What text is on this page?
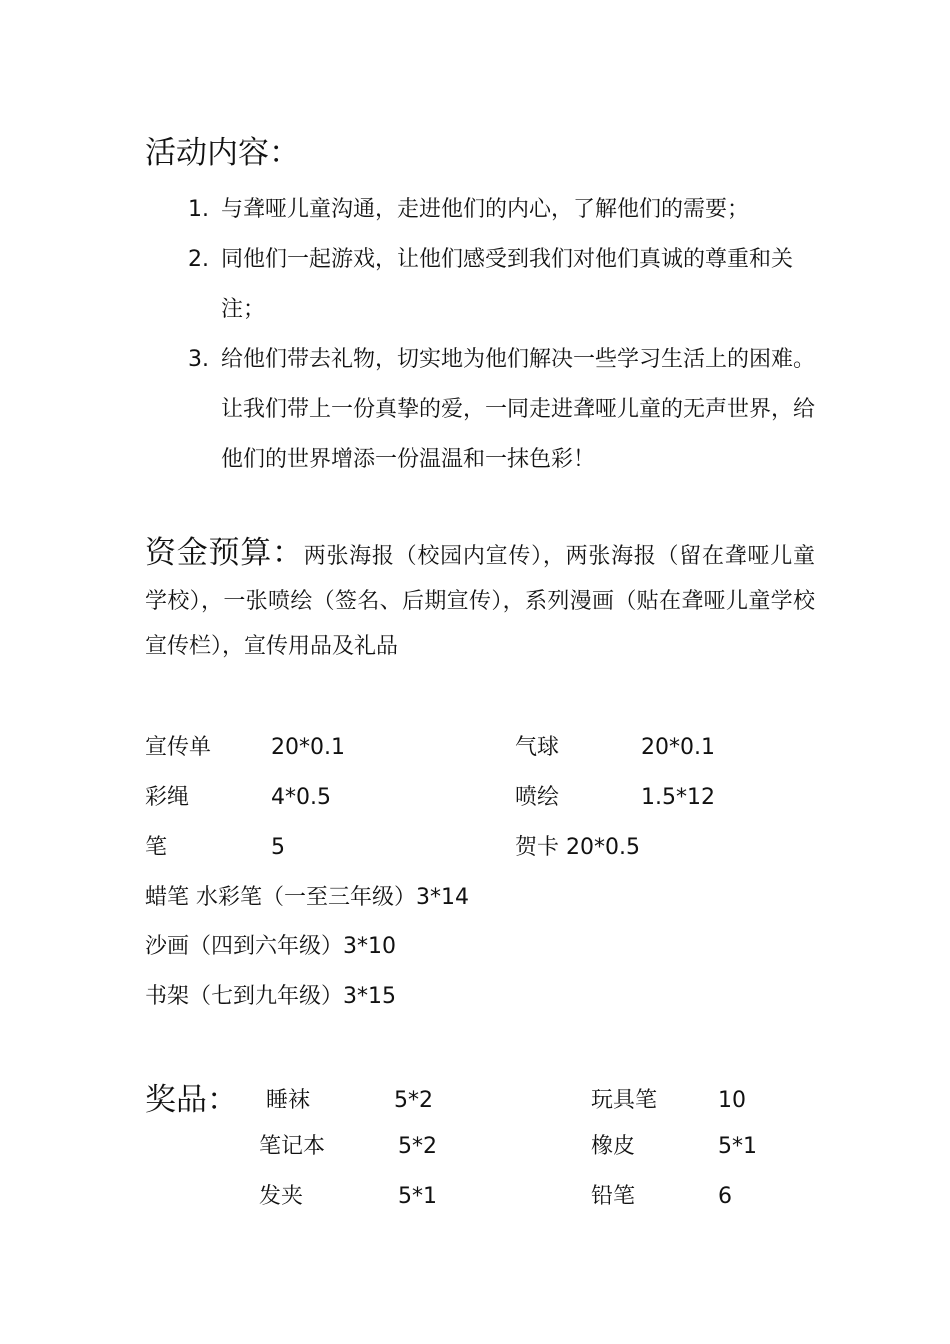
活动内容：
1. 与聋哑儿童沟通，走进他们的内心，了解他们的需要；
2. 同他们一起游戏，让他们感受到我们对他们真诚的尊重和关注；
3. 给他们带去礼物，切实地为他们解决一些学习生活上的困难。让我们带上一份真挚的爱，一同走进聋哑儿童的无声世界，给他们的世界增添一份温温和一抹色彩！

资金预算：两张海报（校园内宣传），两张海报（留在聋哑儿童学校），一张喷绘（签名、后期宣传），系列漫画（贴在聋哑儿童学校宣传栏），宣传用品及礼品

宣传单	20*0.1	气球	20*0.1
彩绳	4*0.5	喷绘	1.5*12
笔	5	贺卡 20*0.5
蜡笔 水彩笔（一至三年级）3*14
沙画（四到六年级）3*10
书架（七到九年级）3*15
奖品： 睡袜	5*2	玩具笔	10
笔记本	5*2	橡皮	5*1
发夹	5*1	铅笔	6
